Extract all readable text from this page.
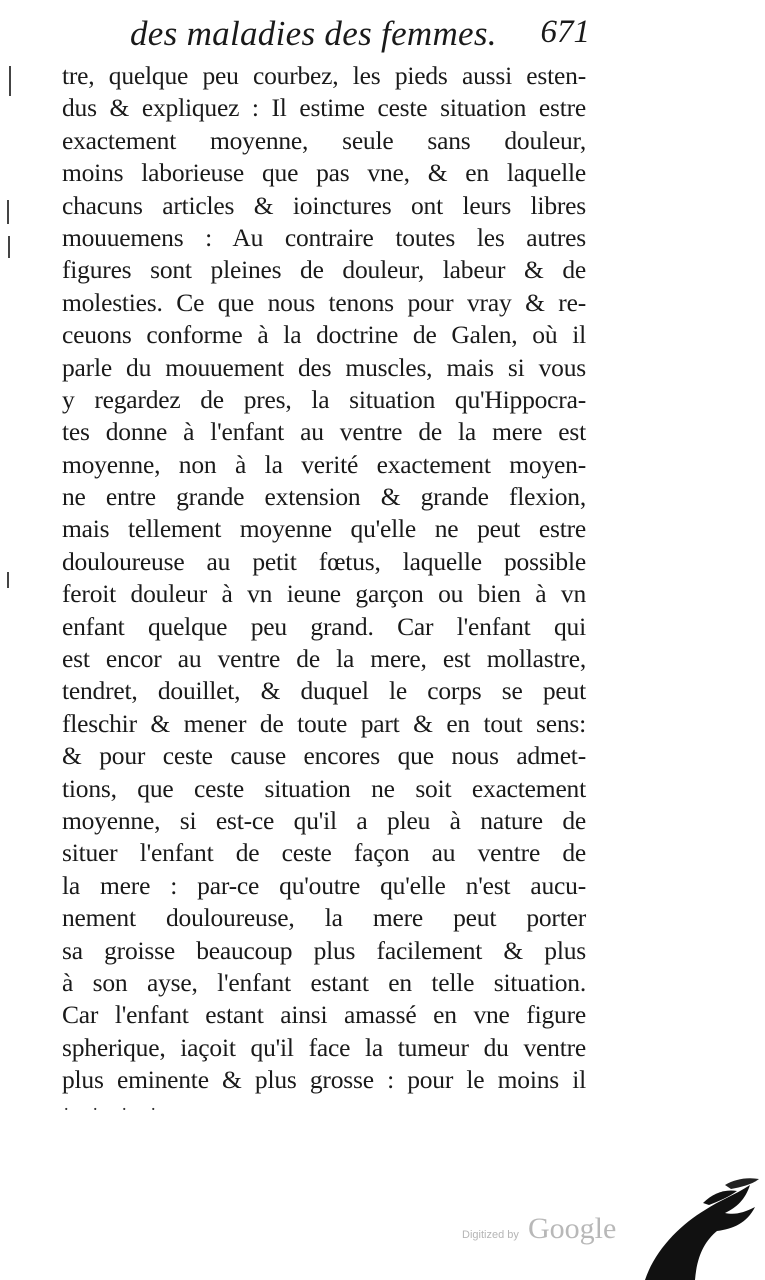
des maladies des femmes. 671
tre, quelque peu courbez, les pieds aussi esten-
dus & expliquez : Il estime ceste situation estre
exactement moyenne, seule sans douleur,
moins laborieuse que pas vne, & en laquelle
chacuns articles & ioinctures ont leurs libres
mouuemens : Au contraire toutes les autres
figures sont pleines de douleur, labeur & de
molesties. Ce que nous tenons pour vray & re-
ceuons conforme à la doctrine de Galen, où il
parle du mouuement des muscles, mais si vous
y regardez de pres, la situation qu'Hippocra-
tes donne à l'enfant au ventre de la mere est
moyenne, non à la verité exactement moyen-
ne entre grande extension & grande flexion,
mais tellement moyenne qu'elle ne peut estre
douloureuse au petit fœtus, laquelle possible
feroit douleur à vn ieune garçon ou bien à vn
enfant quelque peu grand. Car l'enfant qui
est encor au ventre de la mere, est mollastre,
tendret, douillet, & duquel le corps se peut
fleschir & mener de toute part & en tout sens:
& pour ceste cause encores que nous admet-
tions, que ceste situation ne soit exactement
moyenne, si est-ce qu'il a pleu à nature de
situer l'enfant de ceste façon au ventre de
la mere : par-ce qu'outre qu'elle n'est aucu-
nement douloureuse, la mere peut porter
sa groisse beaucoup plus facilement & plus
à son ayse, l'enfant estant en telle situation.
Car l'enfant estant ainsi amassé en vne figure
spherique, iaçoit qu'il face la tumeur du ventre
plus eminente & plus grosse : pour le moins il
. . . .
Digitized by Google
